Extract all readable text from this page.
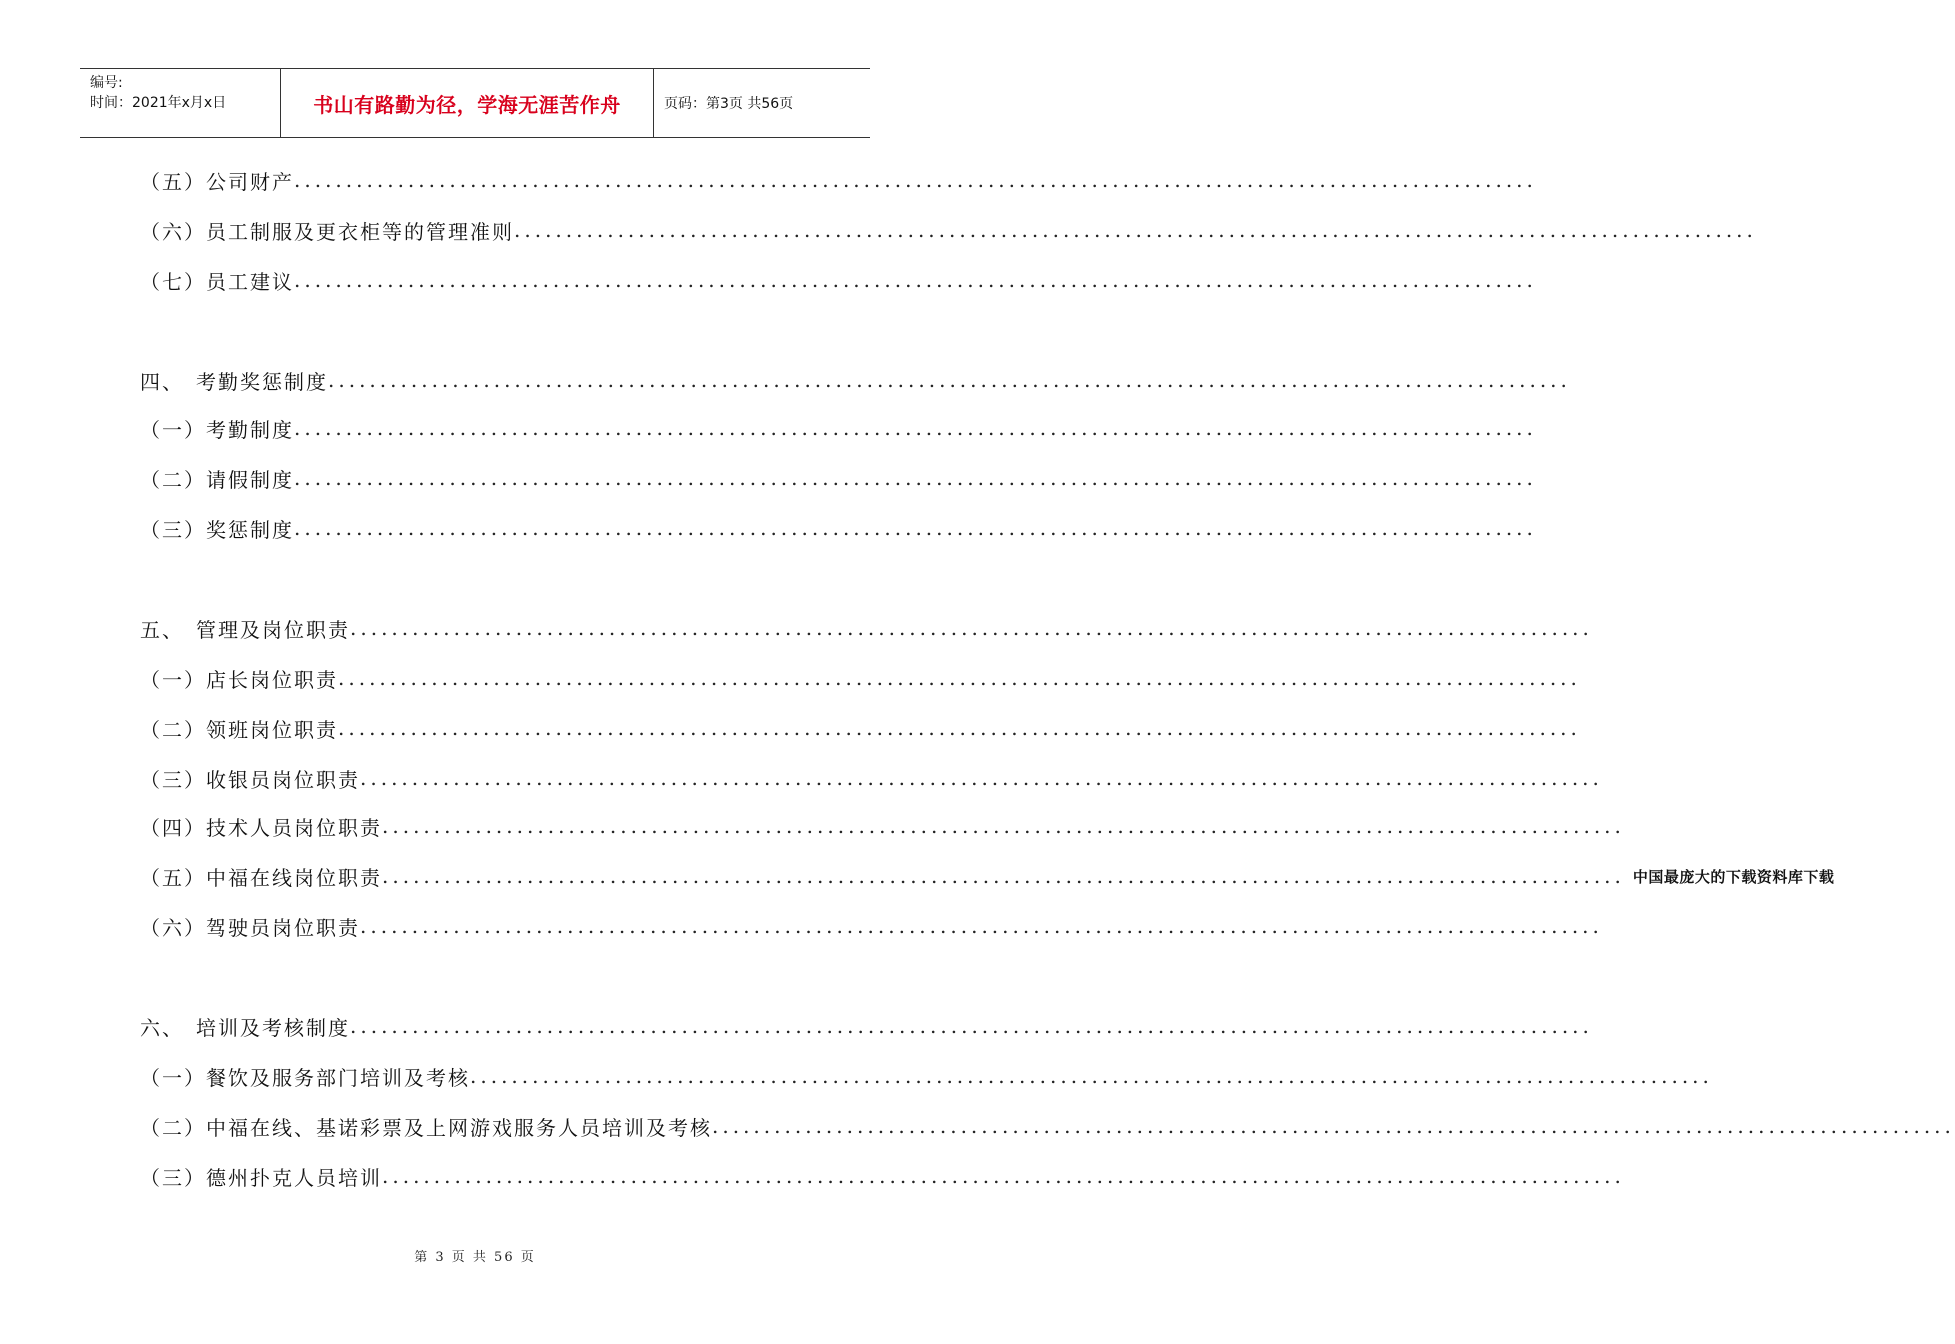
编号:
时间：2021年x月x日	书山有路勤为径，学海无涯苦作舟	页码：第3页 共56页
（五） 公司财产 ........................................................................................................................
（六） 员工制服及更衣柜等的管理准则 ........................................................................................................................
（七） 员工建议 ........................................................................................................................
四、 考勤奖惩制度 ........................................................................................................................
（一） 考勤制度 ........................................................................................................................
（二） 请假制度 ........................................................................................................................
（三） 奖惩制度 ........................................................................................................................
五、 管理及岗位职责 ........................................................................................................................
（一） 店长岗位职责 ........................................................................................................................
（二） 领班岗位职责 ........................................................................................................................
（三） 收银员岗位职责 ........................................................................................................................
（四） 技术人员岗位职责 ........................................................................................................................
（五） 中福在线岗位职责 ........................................................................................................................ 中国最庞大的下载资料库下载
（六） 驾驶员岗位职责 ........................................................................................................................
六、 培训及考核制度 ........................................................................................................................
（一） 餐饮及服务部门培训及考核 ........................................................................................................................
（二） 中福在线、基诺彩票及上网游戏服务人员培训及考核 ........................................................................................................................
（三） 德州扑克人员培训 ........................................................................................................................
第 3 页 共 56 页
